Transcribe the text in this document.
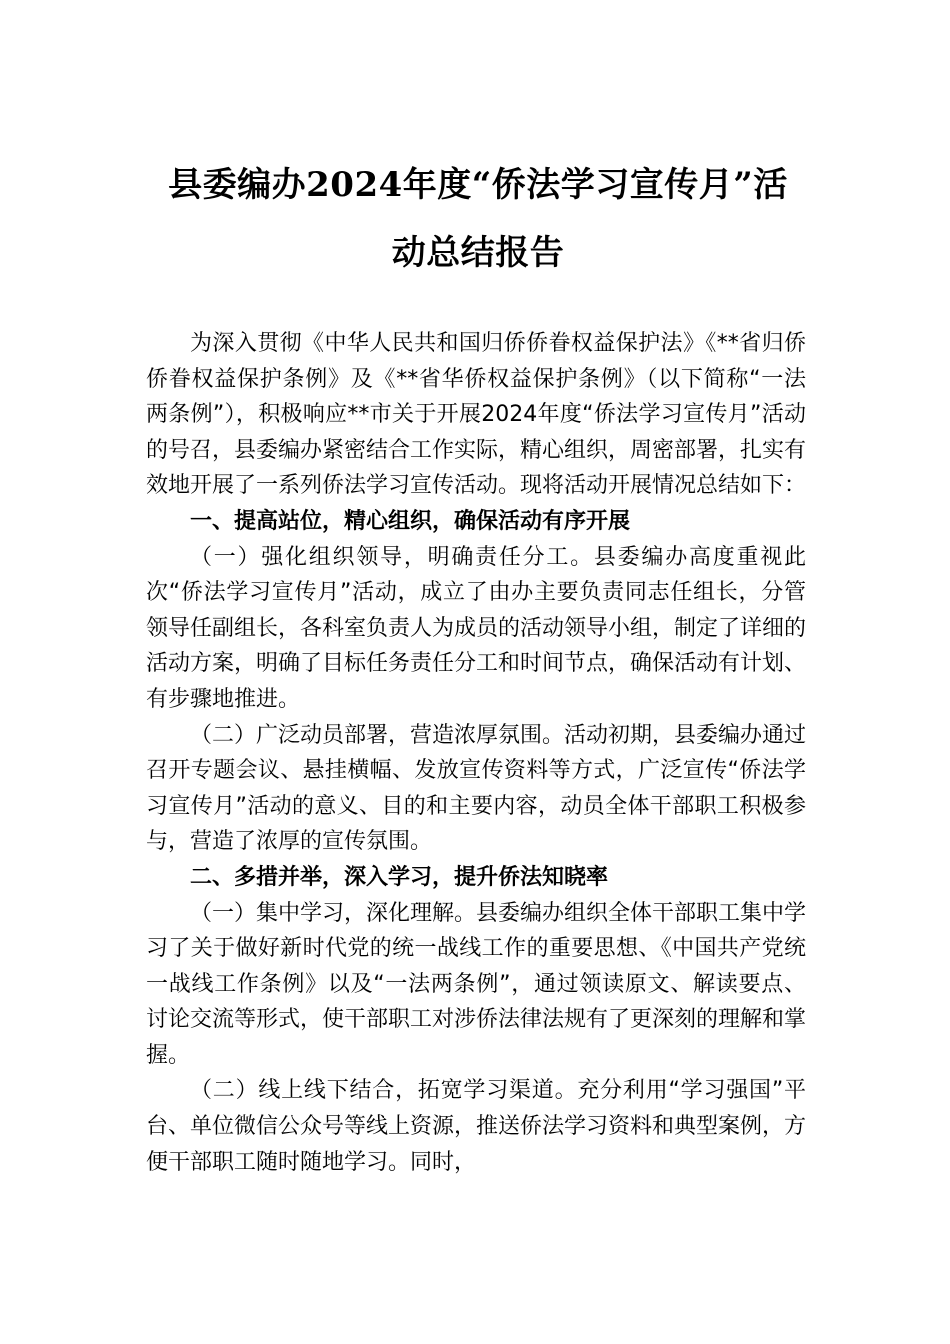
县委编办2024年度“侨法学习宣传月”活
动总结报告

为深入贯彻《中华人民共和国归侨侨眷权益保护法》《**省归侨侨眷权益保护条例》及《**省华侨权益保护条例》（以下简称“一法两条例”），积极响应**市关于开展2024年度“侨法学习宣传月”活动的号召，县委编办紧密结合工作实际，精心组织，周密部署，扎实有效地开展了一系列侨法学习宣传活动。现将活动开展情况总结如下：

一、提高站位，精心组织，确保活动有序开展

（一）强化组织领导，明确责任分工。县委编办高度重视此次“侨法学习宣传月”活动，成立了由办主要负责同志任组长，分管领导任副组长，各科室负责人为成员的活动领导小组，制定了详细的活动方案，明确了目标任务责任分工和时间节点，确保活动有计划、有步骤地推进。

（二）广泛动员部署，营造浓厚氛围。活动初期，县委编办通过召开专题会议、悬挂横幅、发放宣传资料等方式，广泛宣传“侨法学习宣传月”活动的意义、目的和主要内容，动员全体干部职工积极参与，营造了浓厚的宣传氛围。

二、多措并举，深入学习，提升侨法知晓率

（一）集中学习，深化理解。县委编办组织全体干部职工集中学习了关于做好新时代党的统一战线工作的重要思想、《中国共产党统一战线工作条例》以及“一法两条例”，通过领读原文、解读要点、讨论交流等形式，使干部职工对涉侨法律法规有了更深刻的理解和掌握。

（二）线上线下结合，拓宽学习渠道。充分利用“学习强国”平台、单位微信公众号等线上资源，推送侨法学习资料和典型案例，方便干部职工随时随地学习。同时，
